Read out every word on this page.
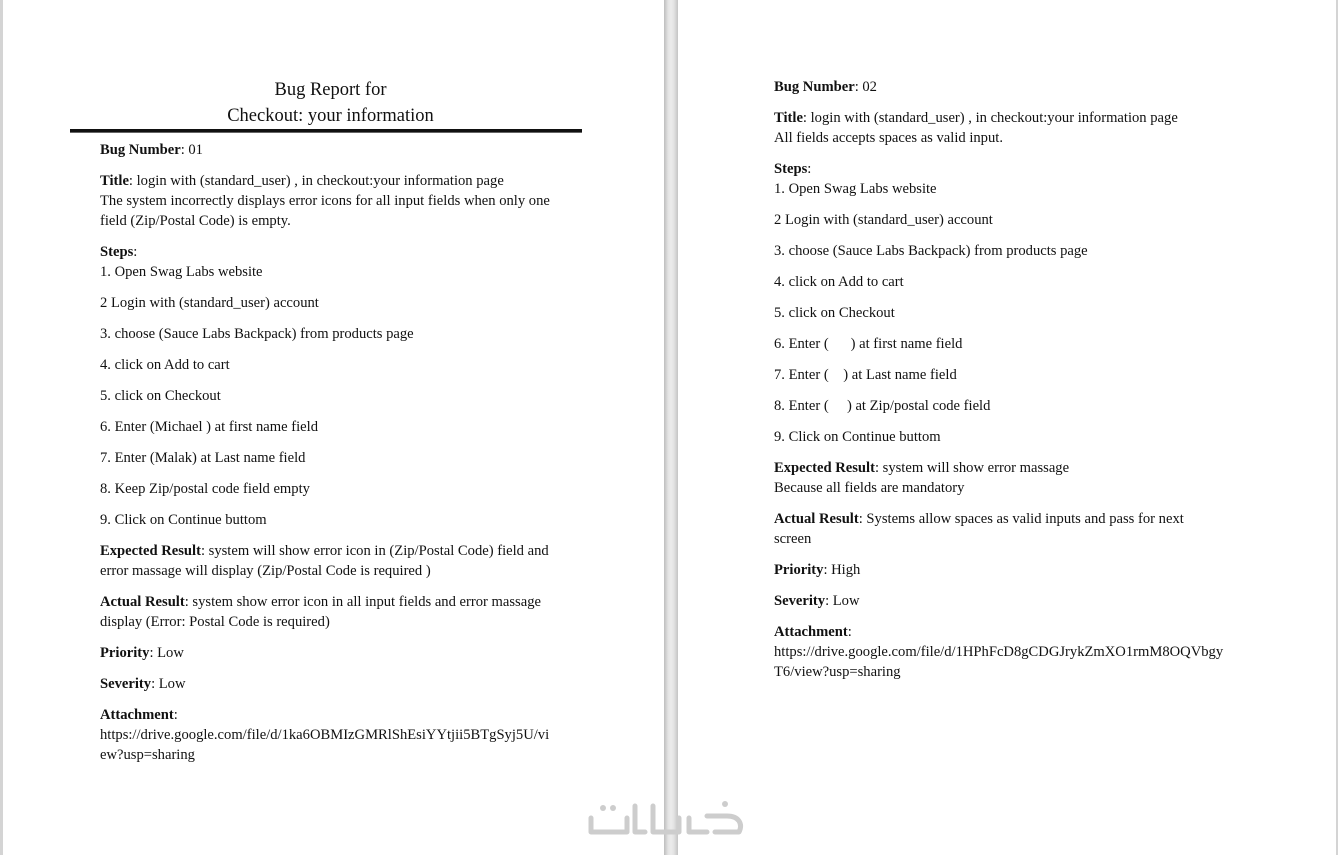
Bug Report for
Checkout: your information

Bug Number: 01

Title: login with (standard_user) , in checkout:your information page
The system incorrectly displays error icons for all input fields when only one
field (Zip/Postal Code) is empty.

Steps:

1. Open Swag Labs website

2 Login with (standard_user) account

3. choose (Sauce Labs Backpack) from products page

4. click on Add to cart

5. click on Checkout

6. Enter (Michael ) at first name field

7. Enter (Malak) at Last name field

8. Keep Zip/postal code field empty

9. Click on Continue buttom

Expected Result: system will show error icon in (Zip/Postal Code) field and
error massage will display (Zip/Postal Code is required )

Actual Result: system show error icon in all input fields and error massage
display (Error: Postal Code is required)

Priority: Low

Severity: Low

Attachment:
https://drive.google.com/file/d/1ka6OBMIzGMRlShEsiYYtjii5BTgSyj5U/vi
ew?usp=sharing

Bug Number: 02

Title: login with (standard_user) , in checkout:your information page
All fields accepts spaces as valid input.

Steps:

1. Open Swag Labs website

2 Login with (standard_user) account

3. choose (Sauce Labs Backpack) from products page

4. click on Add to cart

5. click on Checkout

6. Enter (      ) at first name field

7. Enter (    ) at Last name field

8. Enter (     ) at Zip/postal code field

9. Click on Continue buttom

Expected Result: system will show error massage
Because all fields are mandatory

Actual Result: Systems allow spaces as valid inputs and pass for next
screen

Priority: High

Severity: Low

Attachment:
https://drive.google.com/file/d/1HPhFcD8gCDGJrykZmXO1rmM8OQVbgy
T6/view?usp=sharing
